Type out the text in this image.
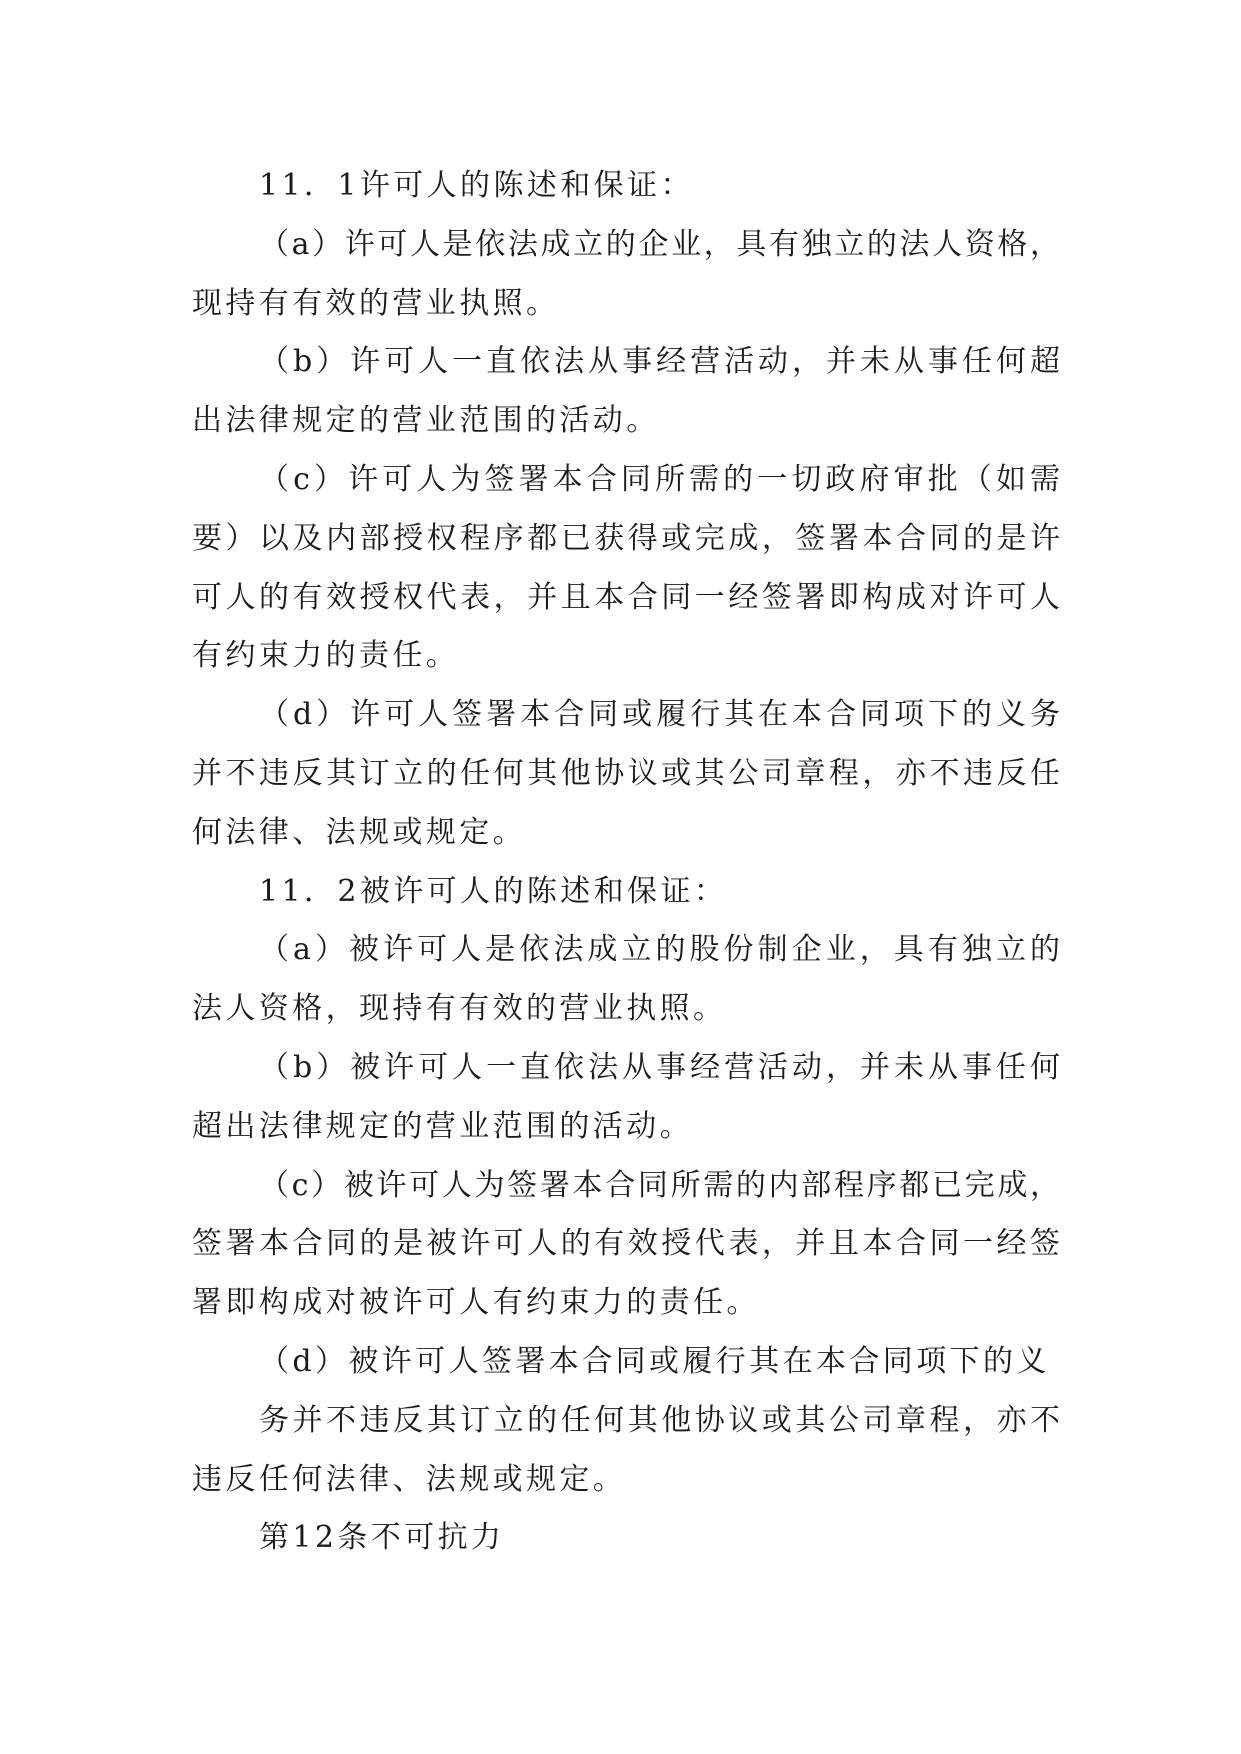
11．1许可人的陈述和保证：
（a）许可人是依法成立的企业，具有独立的法人资格，
现持有有效的营业执照。
（b）许可人一直依法从事经营活动，并未从事任何超
出法律规定的营业范围的活动。
（c）许可人为签署本合同所需的一切政府审批（如需
要）以及内部授权程序都已获得或完成，签署本合同的是许
可人的有效授权代表，并且本合同一经签署即构成对许可人
有约束力的责任。
（d）许可人签署本合同或履行其在本合同项下的义务
并不违反其订立的任何其他协议或其公司章程，亦不违反任
何法律、法规或规定。
11．2被许可人的陈述和保证：
（a）被许可人是依法成立的股份制企业，具有独立的
法人资格，现持有有效的营业执照。
（b）被许可人一直依法从事经营活动，并未从事任何
超出法律规定的营业范围的活动。
（c）被许可人为签署本合同所需的内部程序都已完成，
签署本合同的是被许可人的有效授代表，并且本合同一经签
署即构成对被许可人有约束力的责任。
（d）被许可人签署本合同或履行其在本合同项下的义
务并不违反其订立的任何其他协议或其公司章程，亦不
违反任何法律、法规或规定。
第12条不可抗力
